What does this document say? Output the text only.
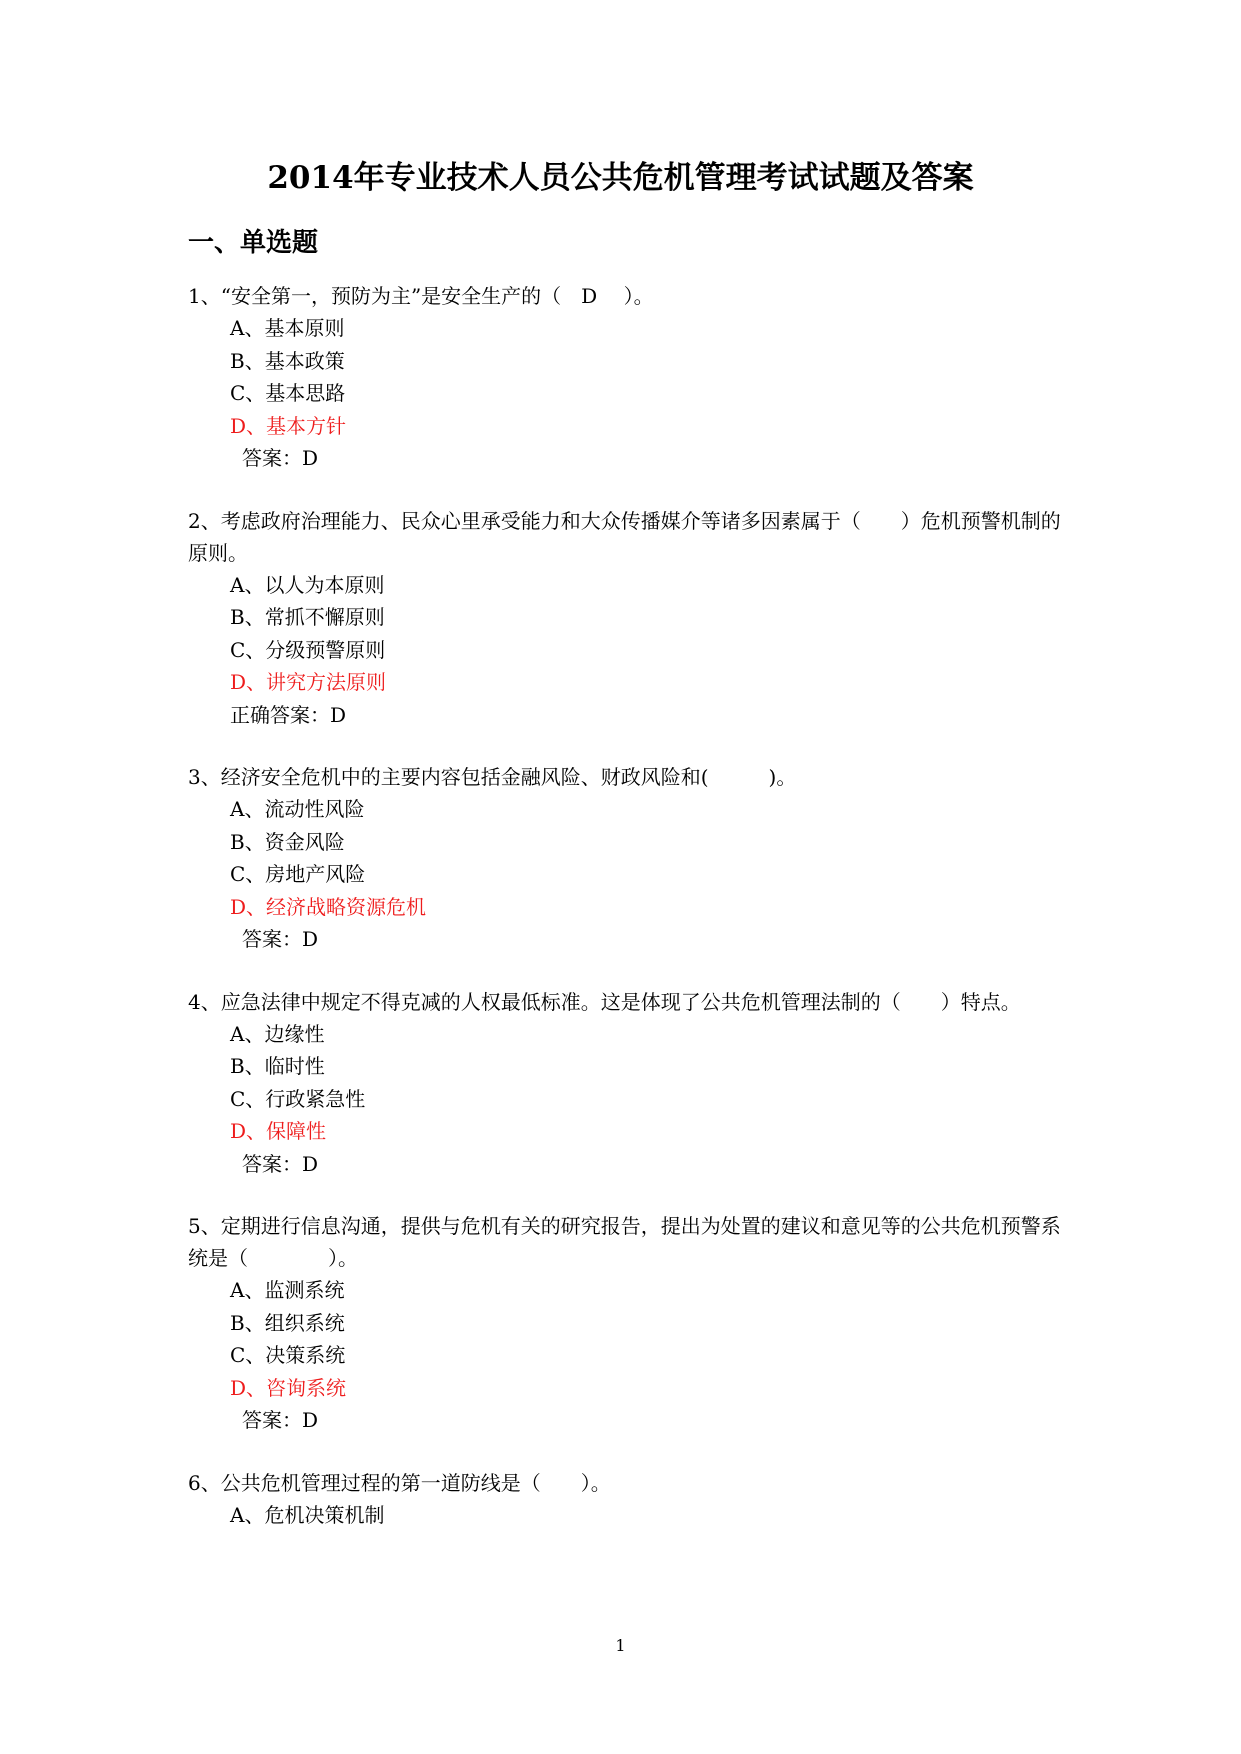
2014年专业技术人员公共危机管理考试试题及答案
一、单选题

1、“安全第一，预防为主”是安全生产的（　D　 ）。

A、基本原则
B、基本政策
C、基本思路
D、基本方针

答案：D

2、考虑政府治理能力、民众心里承受能力和大众传播媒介等诸多因素属于（　　）危机预警机制的原则。

A、以人为本原则
B、常抓不懈原则
C、分级预警原则
D、讲究方法原则

正确答案：D

3、经济安全危机中的主要内容包括金融风险、财政风险和(　　　)。

A、流动性风险
B、资金风险
C、房地产风险
D、经济战略资源危机

答案：D

4、应急法律中规定不得克减的人权最低标准。这是体现了公共危机管理法制的（　　）特点。

A、边缘性
B、临时性
C、行政紧急性
D、保障性

答案：D

5、定期进行信息沟通，提供与危机有关的研究报告，提出为处置的建议和意见等的公共危机预警系统是（　　　　）。

A、监测系统
B、组织系统
C、决策系统
D、咨询系统

答案：D

6、公共危机管理过程的第一道防线是（　　）。

A、危机决策机制
1
